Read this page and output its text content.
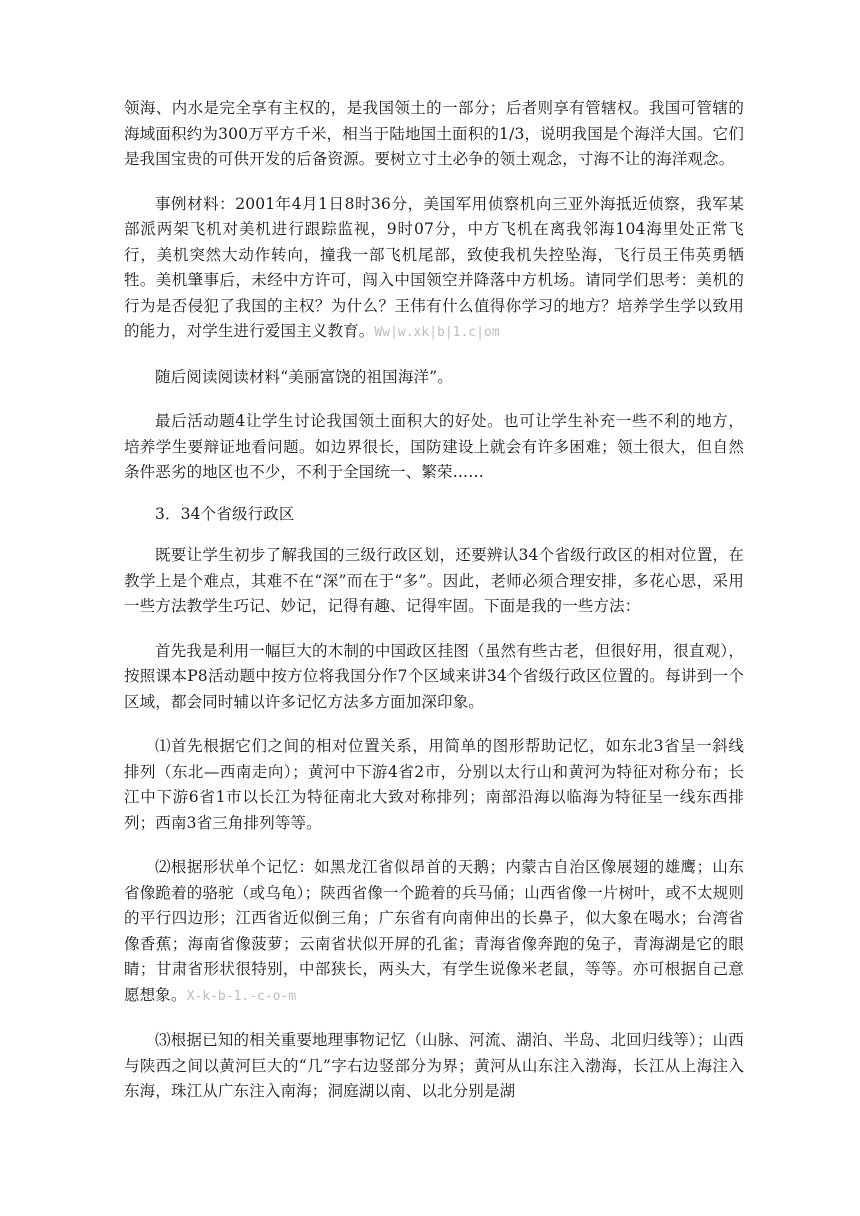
领海、内水是完全享有主权的，是我国领土的一部分；后者则享有管辖权。我国可管辖的海域面积约为300万平方千米，相当于陆地国土面积的1/3，说明我国是个海洋大国。它们是我国宝贵的可供开发的后备资源。要树立寸土必争的领土观念，寸海不让的海洋观念。

事例材料：2001年4月1日8时36分，美国军用侦察机向三亚外海抵近侦察，我军某部派两架飞机对美机进行跟踪监视，9时07分，中方飞机在离我邻海104海里处正常飞行，美机突然大动作转向，撞我一部飞机尾部，致使我机失控坠海，飞行员王伟英勇牺牲。美机肇事后，未经中方许可，闯入中国领空并降落中方机场。请同学们思考：美机的行为是否侵犯了我国的主权？为什么？王伟有什么值得你学习的地方？培养学生学以致用的能力，对学生进行爱国主义教育。Ww|w.xk|b|1.c|om

随后阅读阅读材料“美丽富饶的祖国海洋”。

最后活动题4让学生讨论我国领土面积大的好处。也可让学生补充一些不利的地方，培养学生要辩证地看问题。如边界很长，国防建设上就会有许多困难；领土很大，但自然条件恶劣的地区也不少，不利于全国统一、繁荣……

3．34个省级行政区

既要让学生初步了解我国的三级行政区划，还要辨认34个省级行政区的相对位置，在教学上是个难点，其难不在“深”而在于“多”。因此，老师必须合理安排，多花心思，采用一些方法教学生巧记、妙记，记得有趣、记得牢固。下面是我的一些方法：

首先我是利用一幅巨大的木制的中国政区挂图（虽然有些古老，但很好用，很直观），按照课本P8活动题中按方位将我国分作7个区域来讲34个省级行政区位置的。每讲到一个区域，都会同时辅以许多记忆方法多方面加深印象。

⑴首先根据它们之间的相对位置关系，用简单的图形帮助记忆，如东北3省呈一斜线排列（东北—西南走向）；黄河中下游4省2市，分别以太行山和黄河为特征对称分布；长江中下游6省1市以长江为特征南北大致对称排列；南部沿海以临海为特征呈一线东西排列；西南3省三角排列等等。

⑵根据形状单个记忆：如黑龙江省似昂首的天鹅；内蒙古自治区像展翅的雄鹰；山东省像跪着的骆驼（或乌龟）；陕西省像一个跪着的兵马俑；山西省像一片树叶，或不太规则的平行四边形；江西省近似倒三角；广东省有向南伸出的长鼻子，似大象在喝水；台湾省像香蕉；海南省像菠萝；云南省状似开屏的孔雀；青海省像奔跑的兔子，青海湖是它的眼睛；甘肃省形状很特别，中部狭长，两头大，有学生说像米老鼠，等等。亦可根据自己意愿想象。X-k-b-1.-c-o-m

⑶根据已知的相关重要地理事物记忆（山脉、河流、湖泊、半岛、北回归线等）；山西与陕西之间以黄河巨大的“几”字右边竖部分为界；黄河从山东注入渤海，长江从上海注入东海，珠江从广东注入南海；洞庭湖以南、以北分别是湖
